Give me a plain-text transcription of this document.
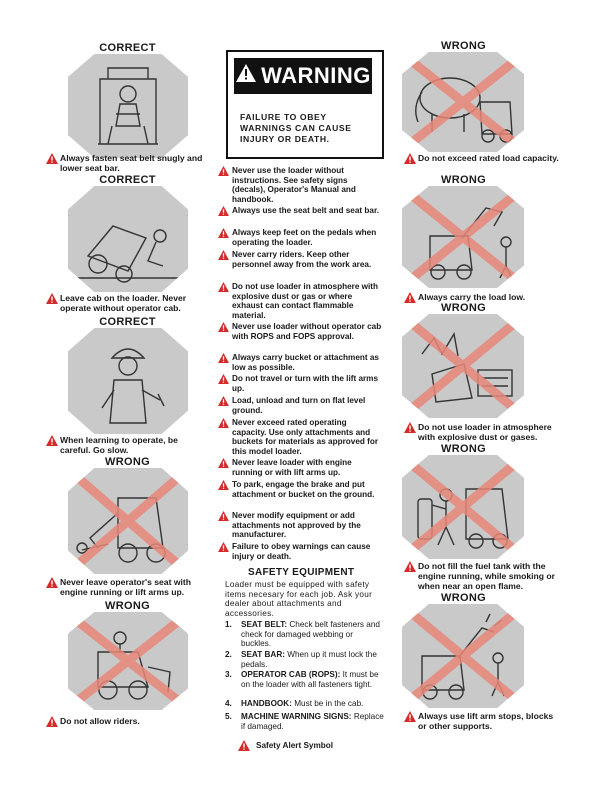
CORRECT
Always fasten seat belt snugly and lower seat bar.
CORRECT
Leave cab on the loader. Never operate without operator cab.
CORRECT
When learning to operate, be careful. Go slow.
WRONG
Never leave operator's seat with engine running or lift arms up.
WRONG
Do not allow riders.
WARNING
FAILURE TO OBEY WARNINGS CAN CAUSE INJURY OR DEATH.
Never use the loader without instructions. See safety signs (decals), Operator's Manual and handbook.
Always use the seat belt and seat bar.
Always keep feet on the pedals when operating the loader.
Never carry riders. Keep other personnel away from the work area.
Do not use loader in atmosphere with explosive dust or gas or where exhaust can contact flammable material.
Never use loader without operator cab with ROPS and FOPS approval.
Always carry bucket or attachment as low as possible.
Do not travel or turn with the lift arms up.
Load, unload and turn on flat level ground.
Never exceed rated operating capacity. Use only attachments and buckets for materials as approved for this model loader.
Never leave loader with engine running or with lift arms up.
To park, engage the brake and put attachment or bucket on the ground.
Never modify equipment or add attachments not approved by the manufacturer.
Failure to obey warnings can cause injury or death.
SAFETY EQUIPMENT
Loader must be equipped with safety items necesary for each job. Ask your dealer about attachments and accessories.
1.	SEAT BELT: Check belt fasteners and check for damaged webbing or buckles.
2.	SEAT BAR: When up it must lock the pedals.
3.	OPERATOR CAB (ROPS): It must be on the loader with all fasteners tight.
4.	HANDBOOK: Must be in the cab.
5.	MACHINE WARNING SIGNS: Replace if damaged.
Safety Alert Symbol
WRONG
Do not exceed rated load capacity.
WRONG
Always carry the load low.
WRONG
Do not use loader in atmosphere with explosive dust or gases.
WRONG
Do not fill the fuel tank with the engine running, while smoking or when near an open flame.
WRONG
Always use lift arm stops, blocks or other supports.
